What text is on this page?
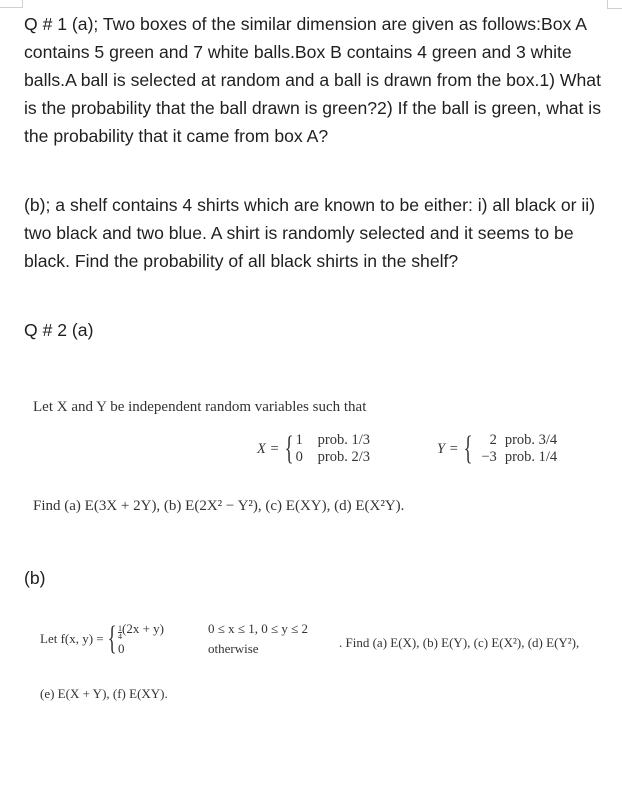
Q # 1 (a); Two boxes of the similar dimension are given as follows:Box A contains 5 green and 7 white balls.Box B contains 4 green and 3 white balls.A ball is selected at random and a ball is drawn from the box.1) What is the probability that the ball drawn is green?2) If the ball is green, what is the probability that it came from box A?

(b); a shelf contains 4 shirts which are known to be either: i) all black or ii) two black and two blue. A shirt is randomly selected and it seems to be black. Find the probability of all black shirts in the shelf?

Q # 2 (a)

Let X and Y be independent random variables such that
X = { 1	prob. 1/3
0	prob. 2/3
Y = {	2 prob. 3/4
−3 prob. 1/4
Find (a) E(3X + 2Y), (b) E(2X² − Y²), (c) E(XY), (d) E(X²Y).

(b)

Let f(x, y) = { $\frac{1}{4} (2x + y)$	0 ≤ x ≤ 1, 0 ≤ y ≤ 2
0	otherwise	. Find (a) E(X), (b) E(Y), (c) E(X²), (d) E(Y²),
(e) E(X + Y), (f) E(XY).
